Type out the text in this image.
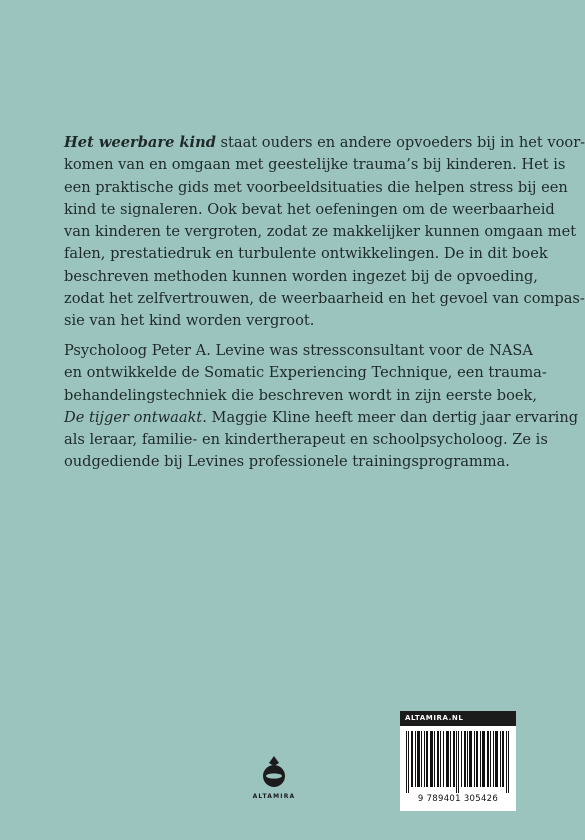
Het weerbare kind staat ouders en andere opvoeders bij in het voor-
komen van en omgaan met geestelijke trauma’s bij kinderen. Het is
een praktische gids met voorbeeldsituaties die helpen stress bij een
kind te signaleren. Ook bevat het oefeningen om de weerbaarheid
van kinderen te vergroten, zodat ze makkelijker kunnen omgaan met
falen, prestatiedruk en turbulente ontwikkelingen. De in dit boek
beschreven methoden kunnen worden ingezet bij de opvoeding,
zodat het zelfvertrouwen, de weerbaarheid en het gevoel van compas-
sie van het kind worden vergroot.
Psycholoog Peter A. Levine was stressconsultant voor de NASA
en ontwikkelde de Somatic Experiencing Technique, een trauma-
behandelingstechniek die beschreven wordt in zijn eerste boek,
De tijger ontwaakt. Maggie Kline heeft meer dan dertig jaar ervaring
als leraar, familie- en kindertherapeut en schoolpsycholoog. Ze is
oudgediende bij Levines professionele trainingsprogramma.
ALTAMIRA.NL
9 789401 305426
ALTAMIRA
